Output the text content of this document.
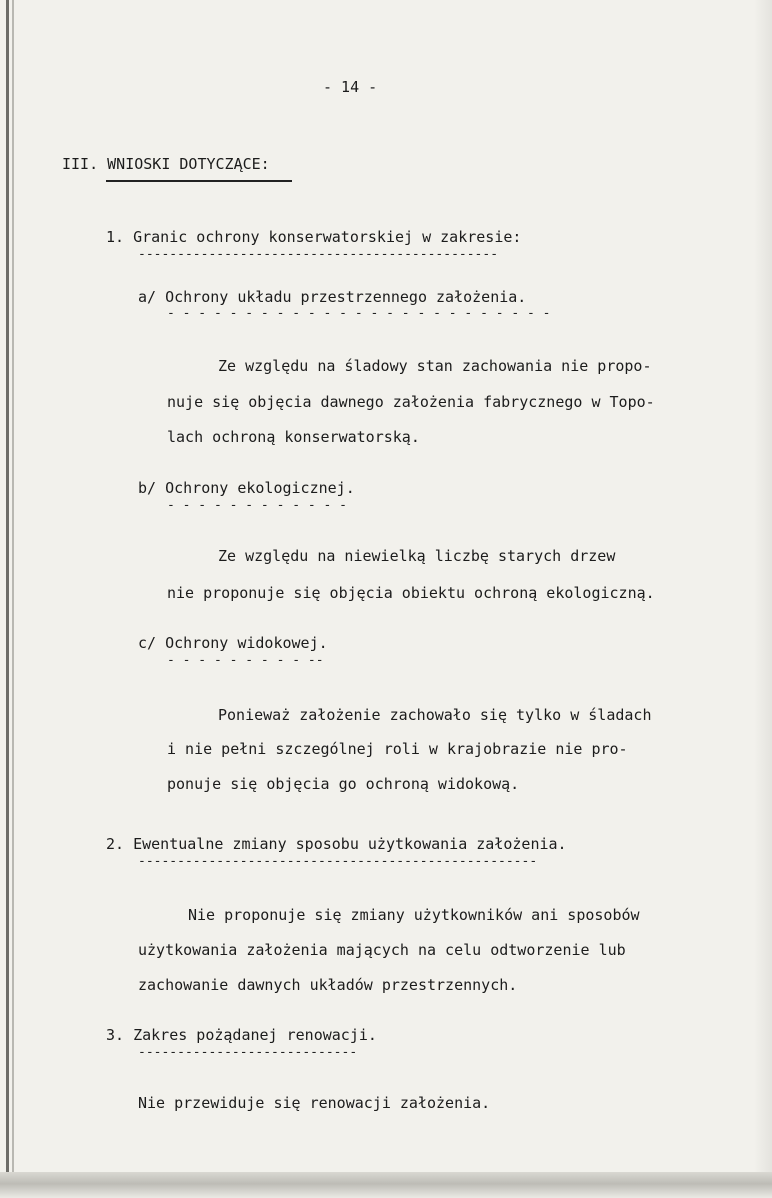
- 14 -
III. WNIOSKI DOTYCZĄCE:
1. Granic ochrony konserwatorskiej w zakresie:
----------------------------------------------
a/ Ochrony układu przestrzennego założenia.
- - - - - - - - - - - - - - - - - - - - - - - - -
Ze względu na śladowy stan zachowania nie propo-
nuje się objęcia dawnego założenia fabrycznego w Topo-
lach ochroną konserwatorską.
b/ Ochrony ekologicznej.
- - - - - - - - - - - -
Ze względu na niewielką liczbę starych drzew
nie proponuje się objęcia obiektu ochroną ekologiczną.
c/ Ochrony widokowej.
- - - - - - - - - --
Ponieważ założenie zachowało się tylko w śladach
i nie pełni szczególnej roli w krajobrazie nie pro-
ponuje się objęcia go ochroną widokową.
2. Ewentualne zmiany sposobu użytkowania założenia.
---------------------------------------------------
Nie proponuje się zmiany użytkowników ani sposobów
użytkowania założenia mających na celu odtworzenie lub
zachowanie dawnych układów przestrzennych.
3. Zakres pożądanej renowacji.
----------------------------
Nie przewiduje się renowacji założenia.
